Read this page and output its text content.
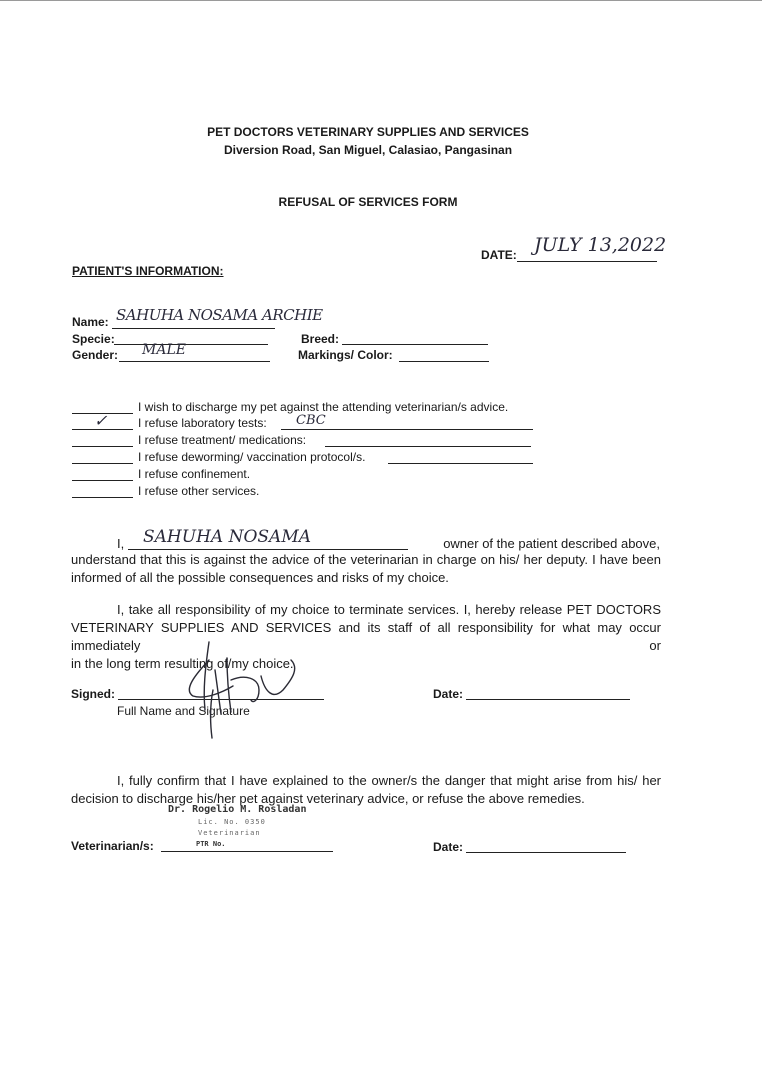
PET DOCTORS VETERINARY SUPPLIES AND SERVICES
Diversion Road, San Miguel, Calasiao, Pangasinan
REFUSAL OF SERVICES FORM
DATE: JULY 13,2022
PATIENT'S INFORMATION:
Name: SAHUHA NOSAMA ARCHIE
Specie:
Gender: MALE
Breed:
Markings/ Color:
I wish to discharge my pet against the attending veterinarian/s advice.
✓	I refuse laboratory tests: CBC
I refuse treatment/ medications:
I refuse deworming/ vaccination protocol/s.
I refuse confinement.
I refuse other services.
I, SAHUHA NOSAMA	owner of the patient described above,
understand that this is against the advice of the veterinarian in charge on his/ her deputy. I have been
informed of all the possible consequences and risks of my choice.
I, take all responsibility of my choice to terminate services. I, hereby release PET DOCTORS
VETERINARY SUPPLIES AND SERVICES and its staff of all responsibility for what may occur immediately or
in the long term resulting of/my choice.
Signed:
Full Name and Signature
Date:
I, fully confirm that I have explained to the owner/s the danger that might arise from his/ her
decision to discharge his/her pet against veterinary advice, or refuse the above remedies.
Dr. Rogelio M. Rosladan
Lic. No. 0350
Veterinarian
PTR No.
Veterinarian/s:	Date:
